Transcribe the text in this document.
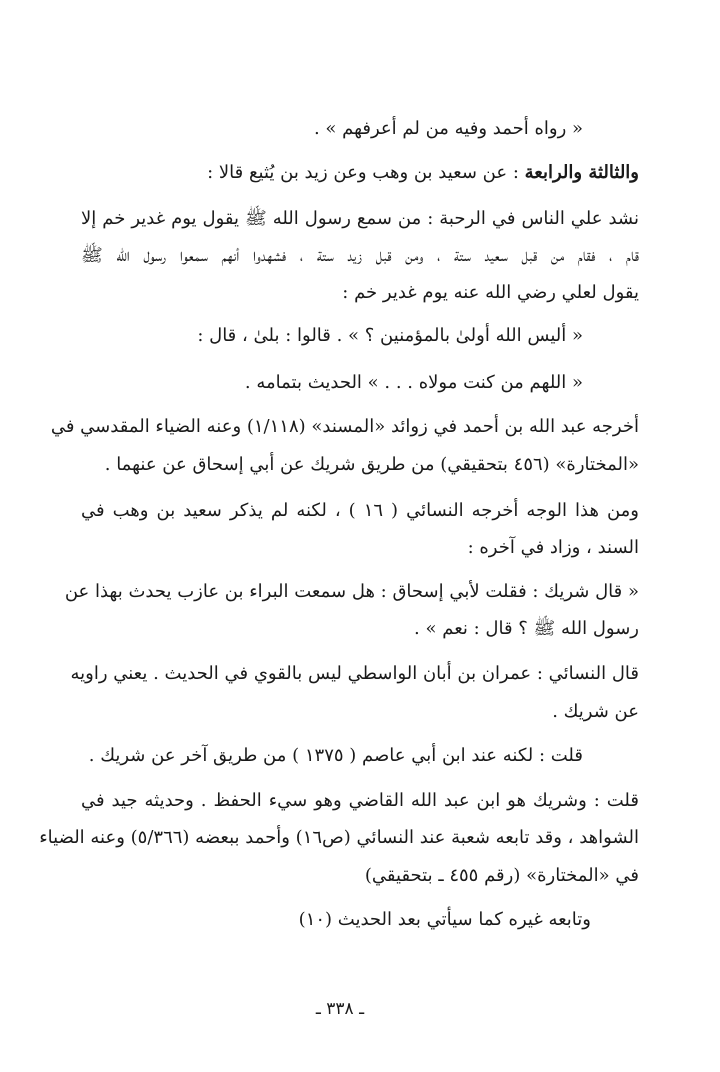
« رواه أحمد وفيه من لم أعرفهم » .
والثالثة والرابعة : عن سعيد بن وهب وعن زيد بن يُثيع قالا :
نشد علي الناس في الرحبة : من سمع رسول الله ﷺ يقول يوم غدير خم إلا
قام ، فقام من قبل سعيد ستة ، ومن قبل زيد ستة ، فشهدوا أنهم سمعوا رسول الله ﷺ
يقول لعلي رضي الله عنه يوم غدير خم :
« أليس الله أولىٰ بالمؤمنين ؟ » . قالوا : بلىٰ ، قال :
« اللهم من كنت مولاه . . . » الحديث بتمامه .
أخرجه عبد الله بن أحمد في زوائد «المسند» (١/١١٨) وعنه الضياء المقدسي في
«المختارة» (٤٥٦ بتحقيقي) من طريق شريك عن أبي إسحاق عن عنهما .
ومن هذا الوجه أخرجه النسائي ( ١٦ ) ، لكنه لم يذكر سعيد بن وهب في
السند ، وزاد في آخره :
« قال شريك : فقلت لأبي إسحاق : هل سمعت البراء بن عازب يحدث بهذا عن
رسول الله ﷺ ؟ قال : نعم » .
قال النسائي : عمران بن أبان الواسطي ليس بالقوي في الحديث . يعني راويه
عن شريك .
قلت : لكنه عند ابن أبي عاصم ( ١٣٧٥ ) من طريق آخر عن شريك .
قلت : وشريك هو ابن عبد الله القاضي وهو سيء الحفظ . وحديثه جيد في
الشواهد ، وقد تابعه شعبة عند النسائي (ص١٦) وأحمد ببعضه (٥/٣٦٦) وعنه الضياء
في «المختارة» (رقم ٤٥٥ ـ بتحقيقي)
وتابعه غيره كما سيأتي بعد الحديث (١٠)
ـ ٣٣٨ ـ
